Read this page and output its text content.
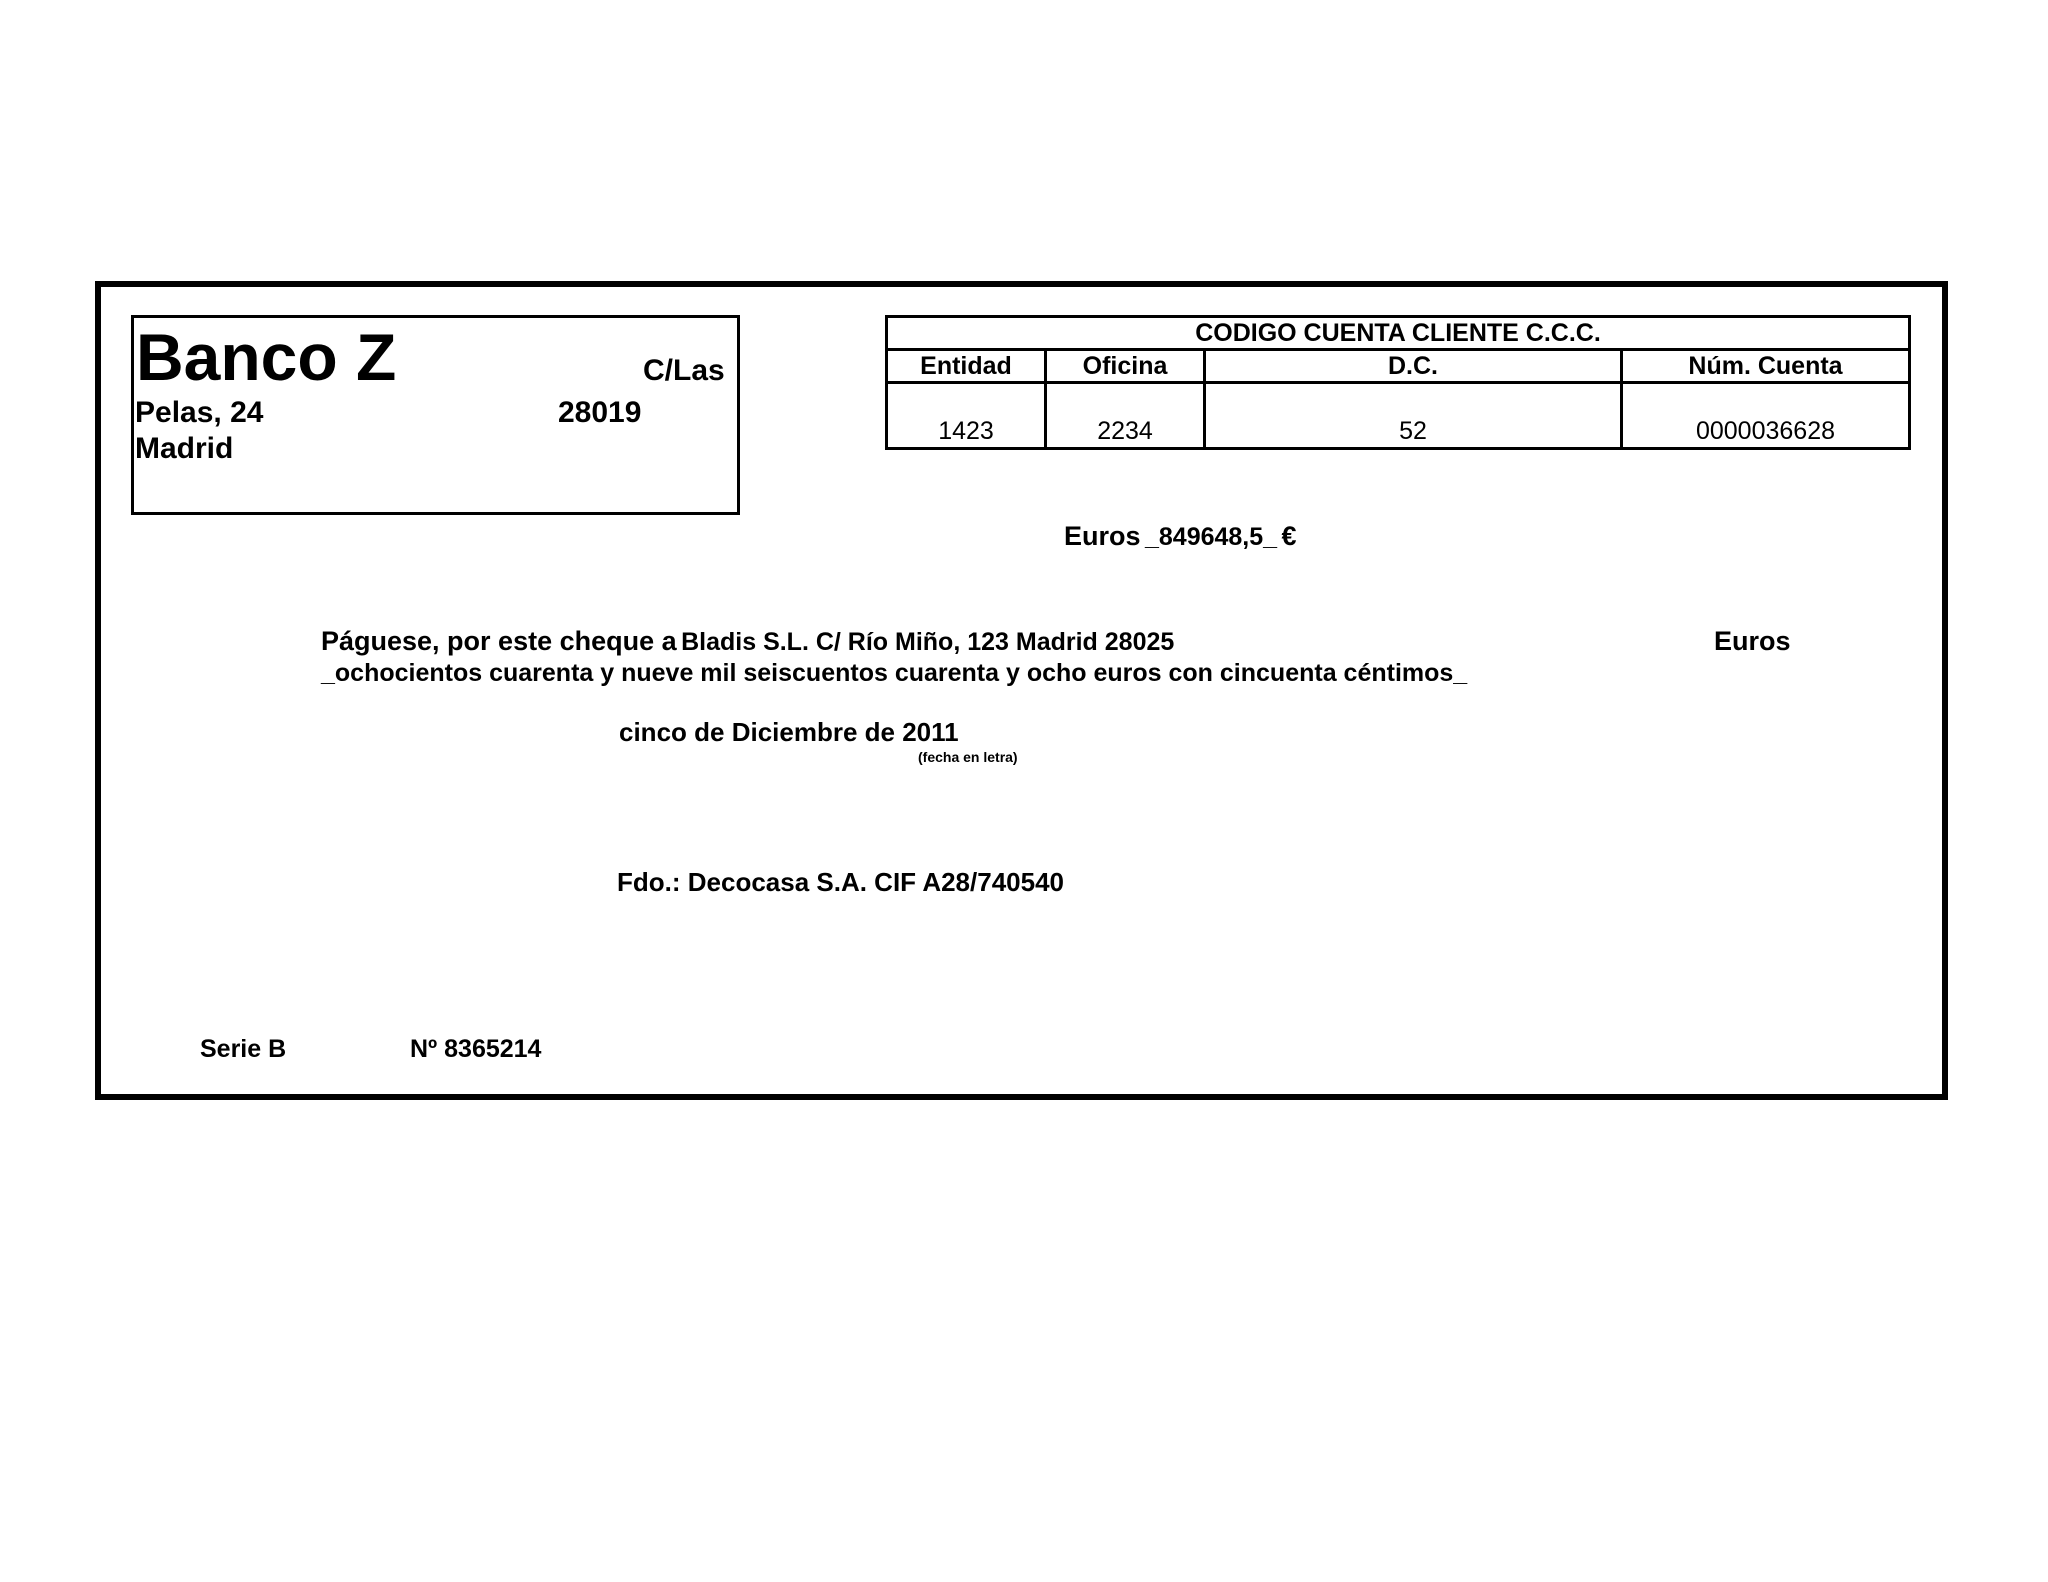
Banco Z	C/Las
Pelas, 24	28019
Madrid
CODIGO CUENTA CLIENTE C.C.C.			
Entidad	Oficina	D.C.	Núm. Cuenta
1423	2234	52	0000036628
Euros _849648,5_ €
Páguese, por este cheque a Bladis S.L. C/ Río Miño, 123 Madrid 28025	Euros
_ochocientos cuarenta y nueve mil seiscuentos cuarenta y ocho euros con cincuenta céntimos_
cinco de Diciembre de 2011
(fecha en letra)
Fdo.: Decocasa S.A. CIF A28/740540
Serie B	Nº 8365214
